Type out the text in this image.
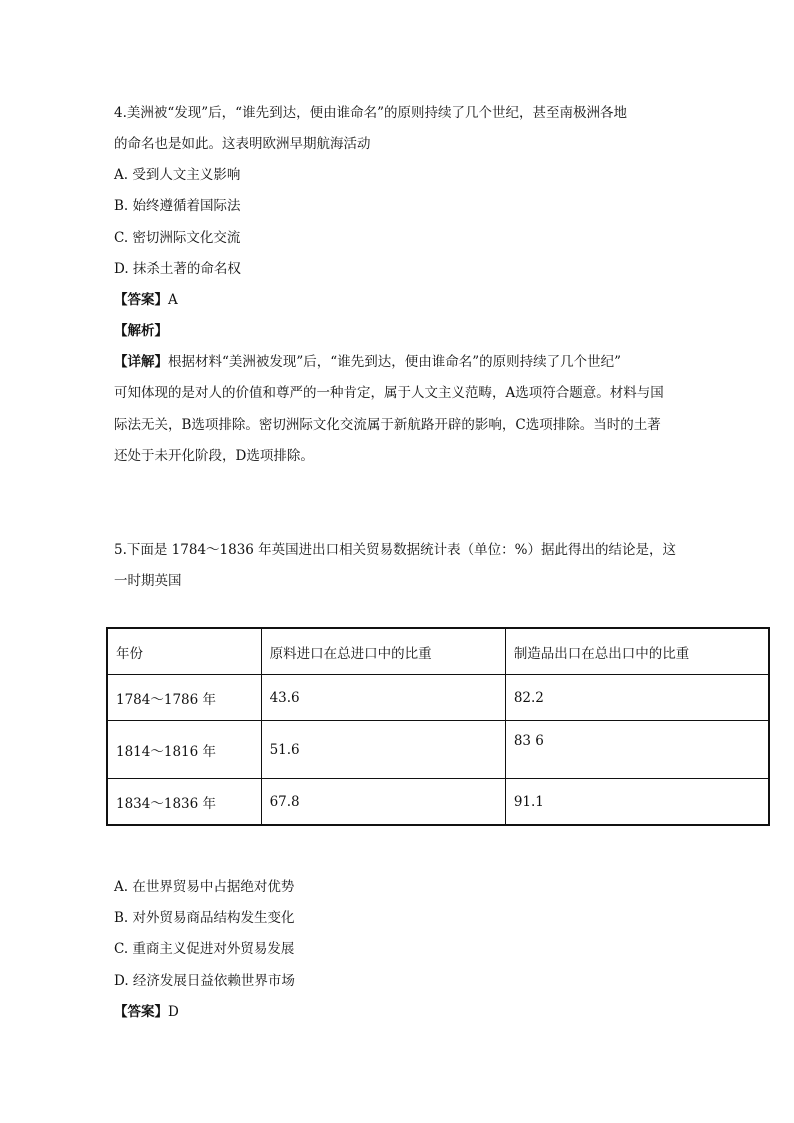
4.美洲被“发现”后，“谁先到达，便由谁命名”的原则持续了几个世纪，甚至南极洲各地
的命名也是如此。这表明欧洲早期航海活动
A. 受到人文主义影响
B. 始终遵循着国际法
C. 密切洲际文化交流
D. 抹杀土著的命名权
【答案】A
【解析】
【详解】根据材料“美洲被发现”后，“谁先到达，便由谁命名”的原则持续了几个世纪”
可知体现的是对人的价值和尊严的一种肯定，属于人文主义范畴，A选项符合题意。材料与国
际法无关，B选项排除。密切洲际文化交流属于新航路开辟的影响，C选项排除。当时的土著
还处于未开化阶段，D选项排除。
5.下面是 1784～1836 年英国进出口相关贸易数据统计表（单位：%）据此得出的结论是，这
一时期英国
年份	原料进口在总进口中的比重	制造品出口在总出口中的比重
1784～1786 年	43.6	82.2
1814～1816 年	51.6	83 6
1834～1836 年	67.8	91.1
A. 在世界贸易中占据绝对优势
B. 对外贸易商品结构发生变化
C. 重商主义促进对外贸易发展
D. 经济发展日益依赖世界市场
【答案】D
